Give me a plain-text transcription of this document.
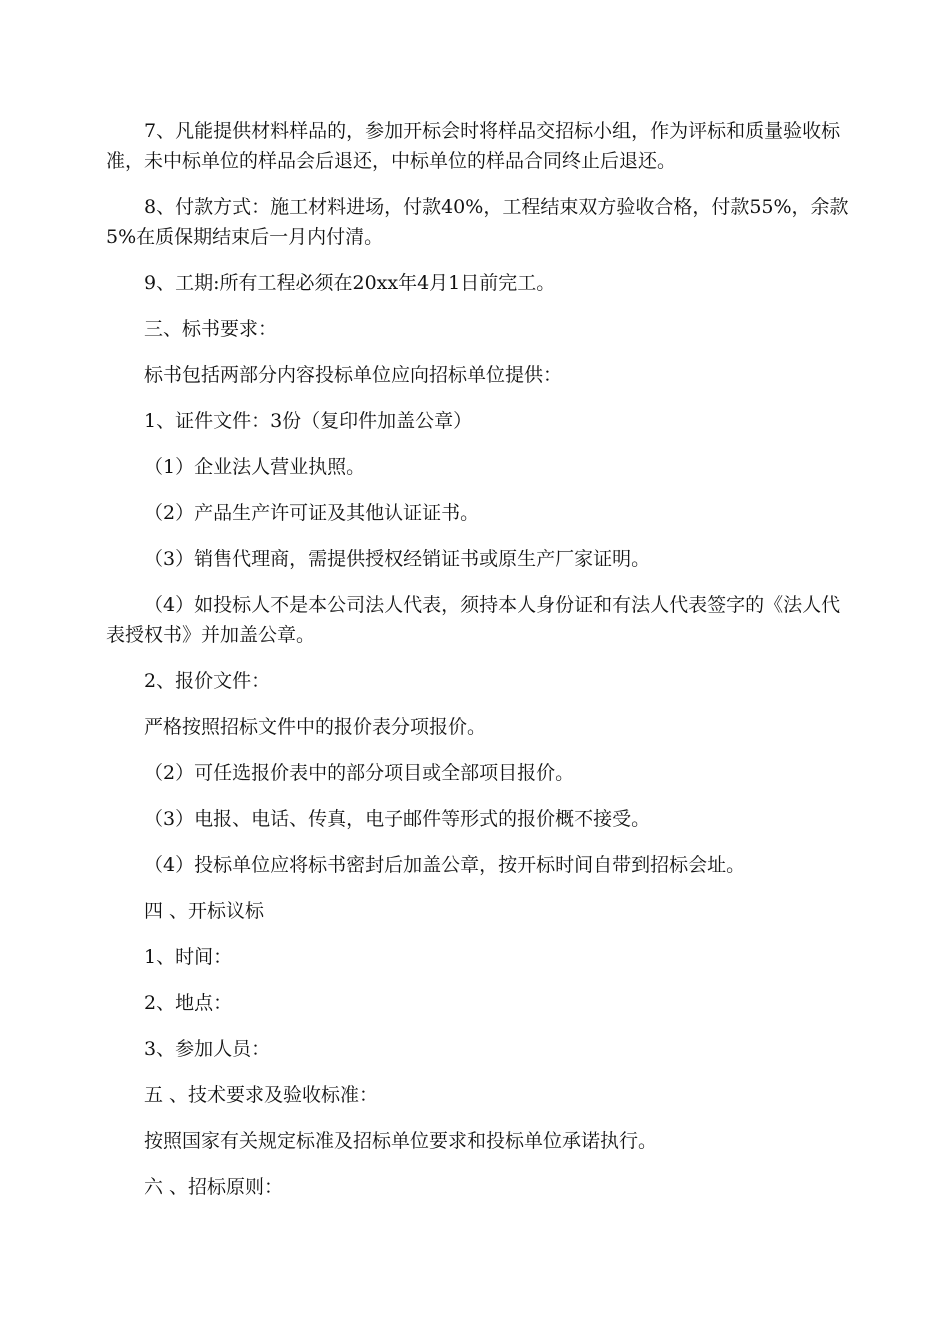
7、凡能提供材料样品的，参加开标会时将样品交招标小组，作为评标和质量验收标准，未中标单位的样品会后退还，中标单位的样品合同终止后退还。

8、付款方式：施工材料进场，付款40%，工程结束双方验收合格，付款55%，余款5%在质保期结束后一月内付清。

9、工期:所有工程必须在20xx年4月1日前完工。

三、标书要求：

标书包括两部分内容投标单位应向招标单位提供：

1、证件文件：3份（复印件加盖公章）

（1）企业法人营业执照。

（2）产品生产许可证及其他认证证书。

（3）销售代理商，需提供授权经销证书或原生产厂家证明。

（4）如投标人不是本公司法人代表，须持本人身份证和有法人代表签字的《法人代表授权书》并加盖公章。

2、报价文件：

严格按照招标文件中的报价表分项报价。

（2）可任选报价表中的部分项目或全部项目报价。

（3）电报、电话、传真，电子邮件等形式的报价概不接受。

（4）投标单位应将标书密封后加盖公章，按开标时间自带到招标会址。

四 、开标议标

1、时间：

2、地点：

3、参加人员：

五 、技术要求及验收标准：

按照国家有关规定标准及招标单位要求和投标单位承诺执行。

六 、招标原则：
